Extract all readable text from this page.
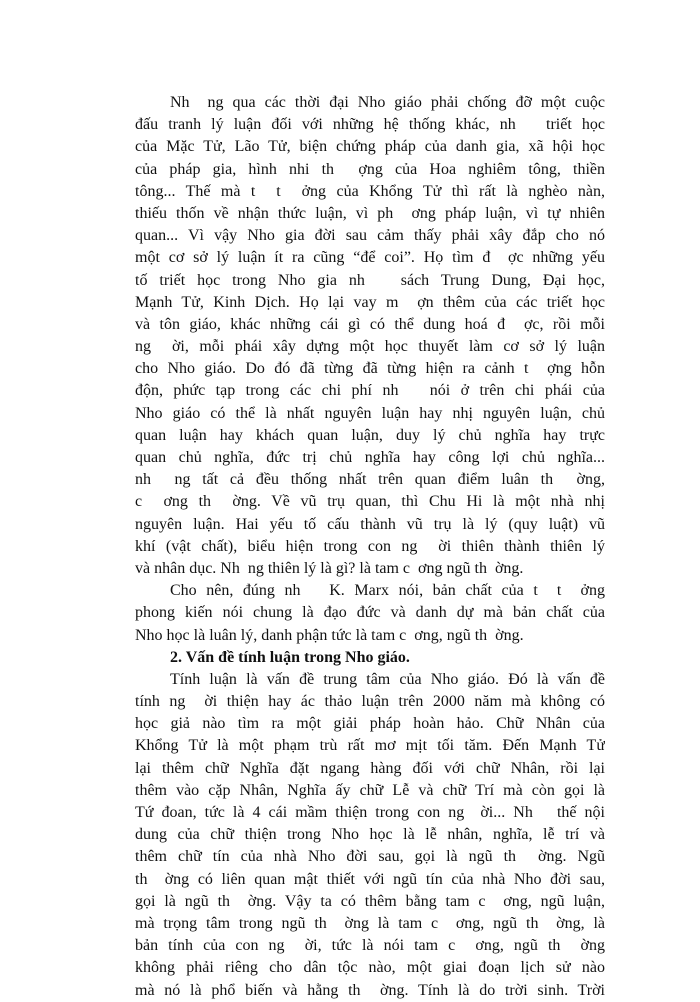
Nh  ng qua các thời đại Nho giáo phải chống đỡ một cuộc
đấu tranh lý luận đối với những hệ thống khác, nh   triết học
của Mặc Tử, Lão Tử, biện chứng pháp của danh gia, xã hội học
của pháp gia, hình nhi th  ợng của Hoa nghiêm tông, thiền
tông... Thế mà t  t  ởng của Khổng Tử thì rất là nghèo nàn,
thiếu thốn về nhận thức luận, vì ph  ơng pháp luận, vì tự nhiên
quan... Vì vậy Nho gia đời sau cảm thấy phải xây đắp cho nó
một cơ sở lý luận ít ra cũng “để coi”. Họ tìm đ  ợc những yếu
tố triết học trong Nho gia nh   sách Trung Dung, Đại học,
Mạnh Tử, Kinh Dịch. Họ lại vay m  ợn thêm của các triết học
và tôn giáo, khác những cái gì có thể dung hoá đ  ợc, rồi mỗi
ng  ời, mỗi phái xây dựng một học thuyết làm cơ sở lý luận
cho Nho giáo. Do đó đã từng đã từng hiện ra cảnh t  ợng hỗn
độn, phức tạp trong các chi phí nh   nói ở trên chi phái của
Nho giáo có thể là nhất nguyên luận hay nhị nguyên luận, chủ
quan luận hay khách quan luận, duy lý chủ nghĩa hay trực
quan chủ nghĩa, đức trị chủ nghĩa hay công lợi chủ nghĩa...
nh  ng tất cả đều thống nhất trên quan điểm luân th  ờng,
c  ơng th  ờng. Về vũ trụ quan, thì Chu Hi là một nhà nhị
nguyên luận. Hai yếu tố cấu thành vũ trụ là lý (quy luật) vũ
khí (vật chất), biểu hiện trong con ng  ời thiên thành thiên lý
và nhân dục. Nh  ng thiên lý là gì? là tam c  ơng ngũ th  ờng.
Cho nên, đúng nh   K. Marx nói, bản chất của t  t  ởng
phong kiến nói chung là đạo đức và danh dự mà bản chất của
Nho học là luân lý, danh phận tức là tam c  ơng, ngũ th  ờng.
2. Vấn đề tính luận trong Nho giáo.
Tính luận là vấn đề trung tâm của Nho giáo. Đó là vấn đề
tính ng  ời thiện hay ác thảo luận trên 2000 năm mà không có
học giả nào tìm ra một giải pháp hoàn hảo. Chữ Nhân của
Khổng Tử là một phạm trù rất mơ mịt tối tăm. Đến Mạnh Tử
lại thêm chữ Nghĩa đặt ngang hàng đối với chữ Nhân, rồi lại
thêm vào cặp Nhân, Nghĩa ấy chữ Lễ và chữ Trí mà còn gọi là
Tứ đoan, tức là 4 cái mầm thiện trong con ng  ời... Nh   thế nội
dung của chữ thiện trong Nho học là lễ nhân, nghĩa, lễ trí và
thêm chữ tín của nhà Nho đời sau, gọi là ngũ th  ờng. Ngũ
th  ờng có liên quan mật thiết với ngũ tín của nhà Nho đời sau,
gọi là ngũ th  ờng. Vậy ta có thêm bằng tam c  ơng, ngũ luận,
mà trọng tâm trong ngũ th  ờng là tam c  ơng, ngũ th  ờng, là
bản tính của con ng  ời, tức là nói tam c  ơng, ngũ th  ờng
không phải riêng cho dân tộc nào, một giai đoạn lịch sử nào
mà nó là phổ biến và hằng th  ờng. Tính là do trời sinh. Trời
